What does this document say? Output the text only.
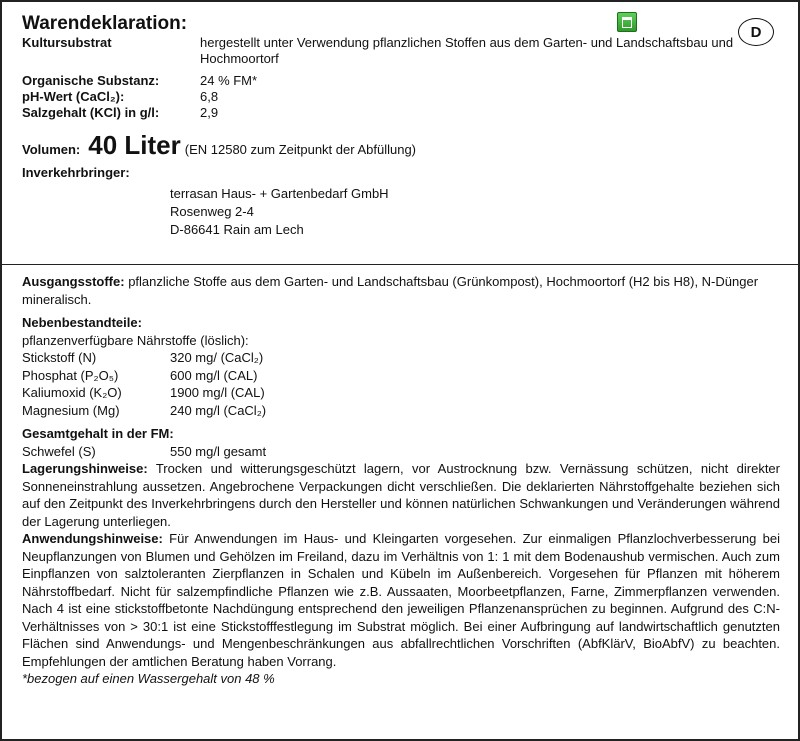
D
Warendeklaration:
Kultursubstrat	hergestellt unter Verwendung pflanzlichen Stoffen aus dem Garten- und Landschaftsbau und Hochmoortorf
Organische Substanz:	24 % FM*
pH-Wert (CaCl₂):	6,8
Salzgehalt (KCl) in g/l:	2,9
Volumen: 40 Liter (EN 12580 zum Zeitpunkt der Abfüllung)
Inverkehrbringer:
terrasan Haus- + Gartenbedarf GmbH
Rosenweg 2-4
D-86641 Rain am Lech

Ausgangsstoffe: pflanzliche Stoffe aus dem Garten- und Landschaftsbau (Grünkompost), Hochmoortorf (H2 bis H8), N-Dünger mineralisch.

Nebenbestandteile:
pflanzenverfügbare Nährstoffe (löslich):
Stickstoff (N)	320 mg/ (CaCl₂)
Phosphat (P₂O₅)	600 mg/l (CAL)
Kaliumoxid (K₂O)	1900 mg/l (CAL)
Magnesium (Mg)	240 mg/l (CaCl₂)
Gesamtgehalt in der FM:
Schwefel (S)	550 mg/l gesamt

Lagerungshinweise: Trocken und witterungsgeschützt lagern, vor Austrocknung bzw. Vernässung schützen, nicht direkter Sonneneinstrahlung aussetzen. Angebrochene Verpackungen dicht verschließen. Die deklarierten Nährstoffgehalte beziehen sich auf den Zeitpunkt des Inverkehrbringens durch den Hersteller und können natürlichen Schwankungen und Veränderungen während der Lagerung unterliegen.

Anwendungshinweise: Für Anwendungen im Haus- und Kleingarten vorgesehen. Zur einmaligen Pflanzlochverbesserung bei Neupflanzungen von Blumen und Gehölzen im Freiland, dazu im Verhältnis von 1: 1 mit dem Bodenaushub vermischen. Auch zum Einpflanzen von salztoleranten Zierpflanzen in Schalen und Kübeln im Außenbereich. Vorgesehen für Pflanzen mit höherem Nährstoffbedarf. Nicht für salzempfindliche Pflanzen wie z.B. Aussaaten, Moorbeetpflanzen, Farne, Zimmerpflanzen verwenden. Nach 4 ist eine stickstoffbetonte Nachdüngung entsprechend den jeweiligen Pflanzenansprüchen zu beginnen. Aufgrund des C:N-Verhältnisses von > 30:1 ist eine Stickstofffestlegung im Substrat möglich. Bei einer Aufbringung auf landwirtschaftlich genutzten Flächen sind Anwendungs- und Mengenbeschränkungen aus abfallrechtlichen Vorschriften (AbfKlärV, BioAbfV) zu beachten. Empfehlungen der amtlichen Beratung haben Vorrang.

*bezogen auf einen Wassergehalt von 48 %
